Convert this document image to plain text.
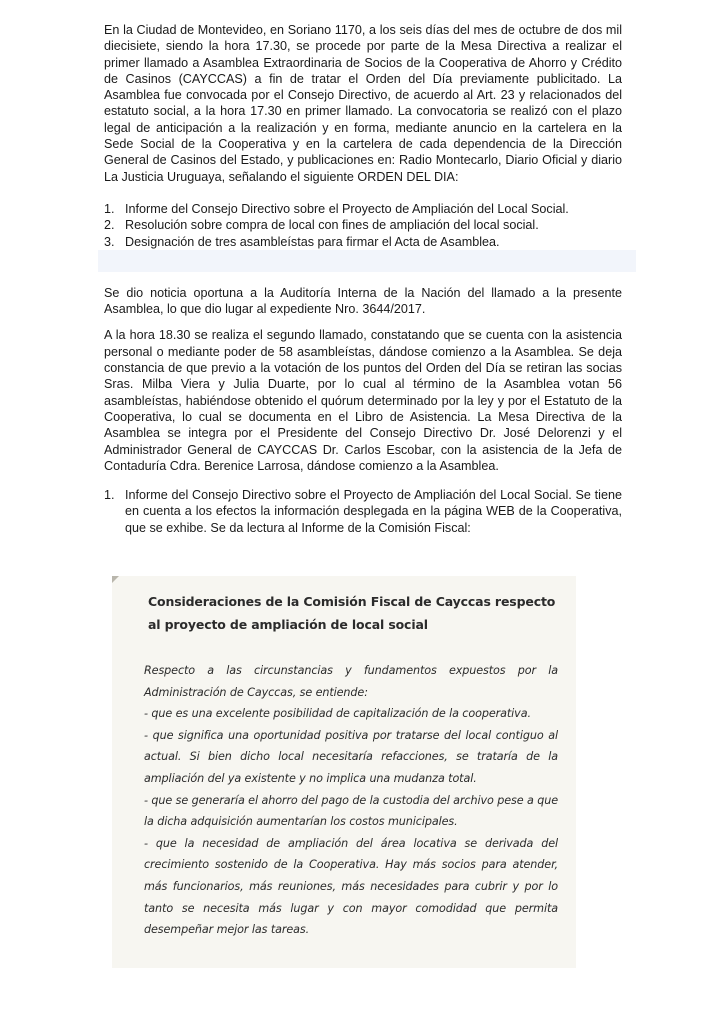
En la Ciudad de Montevideo, en Soriano 1170, a los seis días del mes de octubre de dos mil diecisiete, siendo la hora 17.30, se procede por parte de la Mesa Directiva a realizar el primer llamado a Asamblea Extraordinaria de Socios de la Cooperativa de Ahorro y Crédito de Casinos (CAYCCAS) a fin de tratar el Orden del Día previamente publicitado. La Asamblea fue convocada por el Consejo Directivo, de acuerdo al Art. 23 y relacionados del estatuto social, a la hora 17.30 en primer llamado. La convocatoria se realizó con el plazo legal de anticipación a la realización y en forma, mediante anuncio en la cartelera en la Sede Social de la Cooperativa y en la cartelera de cada dependencia de la Dirección General de Casinos del Estado, y publicaciones en: Radio Montecarlo, Diario Oficial y diario La Justicia Uruguaya, señalando el siguiente ORDEN DEL DIA:

1. Informe del Consejo Directivo sobre el Proyecto de Ampliación del Local Social.
2. Resolución sobre compra de local con fines de ampliación del local social.
3. Designación de tres asambleístas para firmar el Acta de Asamblea.

Se dio noticia oportuna a la Auditoría Interna de la Nación del llamado a la presente Asamblea, lo que dio lugar al expediente Nro. 3644/2017.

A la hora 18.30 se realiza el segundo llamado, constatando que se cuenta con la asistencia personal o mediante poder de 58 asambleístas, dándose comienzo a la Asamblea. Se deja constancia de que previo a la votación de los puntos del Orden del Día se retiran las socias Sras. Milba Viera y Julia Duarte, por lo cual al término de la Asamblea votan 56 asambleístas, habiéndose obtenido el quórum determinado por la ley y por el Estatuto de la Cooperativa, lo cual se documenta en el Libro de Asistencia. La Mesa Directiva de la Asamblea se integra por el Presidente del Consejo Directivo Dr. José Delorenzi y el Administrador General de CAYCCAS Dr. Carlos Escobar, con la asistencia de la Jefa de Contaduría Cdra. Berenice Larrosa, dándose comienzo a la Asamblea.

1. Informe del Consejo Directivo sobre el Proyecto de Ampliación del Local Social. Se tiene en cuenta a los efectos la información desplegada en la página WEB de la Cooperativa, que se exhibe. Se da lectura al Informe de la Comisión Fiscal:

Consideraciones de la Comisión Fiscal de Cayccas respecto al proyecto de ampliación de local social

Respecto a las circunstancias y fundamentos expuestos por la Administración de Cayccas, se entiende:

- que es una excelente posibilidad de capitalización de la cooperativa.

- que significa una oportunidad positiva por tratarse del local contiguo al actual. Si bien dicho local necesitaría refacciones, se trataría de la ampliación del ya existente y no implica una mudanza total.

- que se generaría el ahorro del pago de la custodia del archivo pese a que la dicha adquisición aumentarían los costos municipales.

- que la necesidad de ampliación del área locativa se derivada del crecimiento sostenido de la Cooperativa. Hay más socios para atender, más funcionarios, más reuniones, más necesidades para cubrir y por lo tanto se necesita más lugar y con mayor comodidad que permita desempeñar mejor las tareas.
